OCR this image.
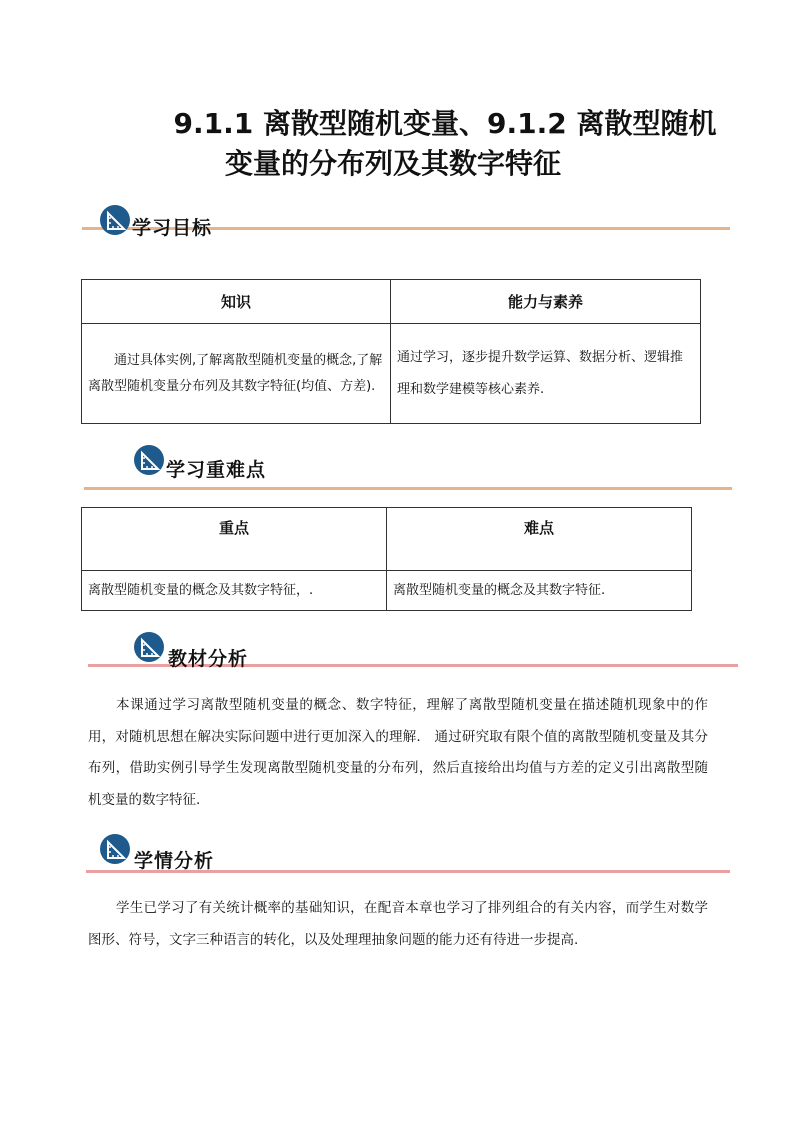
9.1.1 离散型随机变量、9.1.2 离散型随机
变量的分布列及其数字特征
学习目标
知识	能力与素养
通过具体实例,了解离散型随机变量的概念,了解离散型随机变量分布列及其数字特征(均值、方差).	通过学习，逐步提升数学运算、数据分析、逻辑推理和数学建模等核心素养.
学习重难点
重点	难点
离散型随机变量的概念及其数字特征，.	离散型随机变量的概念及其数字特征.
教材分析
本课通过学习离散型随机变量的概念、数字特征，理解了离散型随机变量在描述随机现象中的作用，对随机思想在解决实际问题中进行更加深入的理解.　通过研究取有限个值的离散型随机变量及其分布列，借助实例引导学生发现离散型随机变量的分布列，然后直接给出均值与方差的定义引出离散型随机变量的数字特征.
学情分析
学生已学习了有关统计概率的基础知识，在配音本章也学习了排列组合的有关内容，而学生对数学图形、符号，文字三种语言的转化，以及处理理抽象问题的能力还有待进一步提高.
